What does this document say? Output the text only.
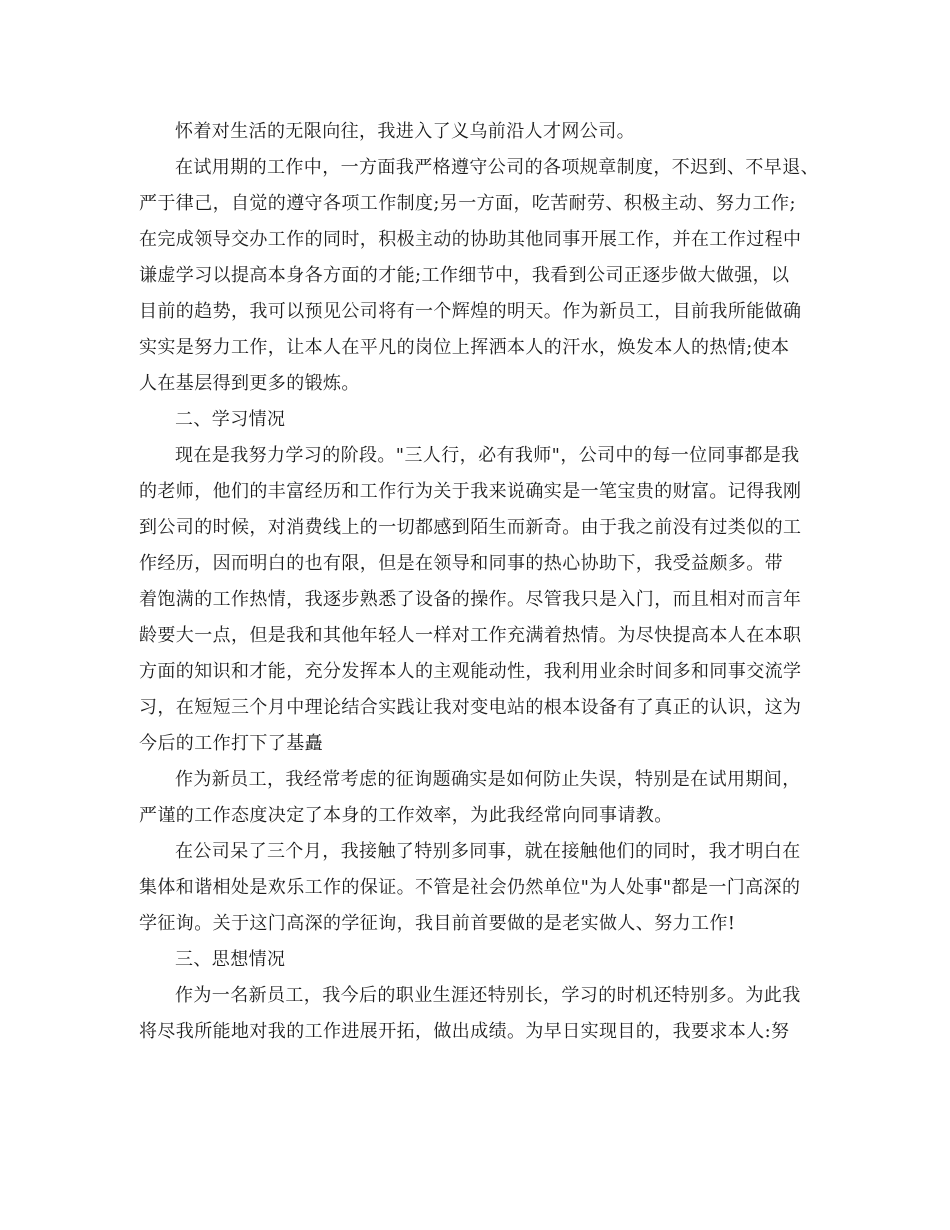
怀着对生活的无限向往，我进入了义乌前沿人才网公司。
在试用期的工作中，一方面我严格遵守公司的各项规章制度，不迟到、不早退、
严于律己，自觉的遵守各项工作制度;另一方面，吃苦耐劳、积极主动、努力工作;
在完成领导交办工作的同时，积极主动的协助其他同事开展工作，并在工作过程中
谦虚学习以提高本身各方面的才能;工作细节中，我看到公司正逐步做大做强，以
目前的趋势，我可以预见公司将有一个辉煌的明天。作为新员工，目前我所能做确
实实是努力工作，让本人在平凡的岗位上挥洒本人的汗水，焕发本人的热情;使本
人在基层得到更多的锻炼。
二、学习情况
现在是我努力学习的阶段。"三人行，必有我师"，公司中的每一位同事都是我
的老师，他们的丰富经历和工作行为关于我来说确实是一笔宝贵的财富。记得我刚
到公司的时候，对消费线上的一切都感到陌生而新奇。由于我之前没有过类似的工
作经历，因而明白的也有限，但是在领导和同事的热心协助下，我受益颇多。带
着饱满的工作热情，我逐步熟悉了设备的操作。尽管我只是入门，而且相对而言年
龄要大一点，但是我和其他年轻人一样对工作充满着热情。为尽快提高本人在本职
方面的知识和才能，充分发挥本人的主观能动性，我利用业余时间多和同事交流学
习，在短短三个月中理论结合实践让我对变电站的根本设备有了真正的认识，这为
今后的工作打下了基矗
作为新员工，我经常考虑的征询题确实是如何防止失误，特别是在试用期间，
严谨的工作态度决定了本身的工作效率，为此我经常向同事请教。
在公司呆了三个月，我接触了特别多同事，就在接触他们的同时，我才明白在
集体和谐相处是欢乐工作的保证。不管是社会仍然单位"为人处事"都是一门高深的
学征询。关于这门高深的学征询，我目前首要做的是老实做人、努力工作!
三、思想情况
作为一名新员工，我今后的职业生涯还特别长，学习的时机还特别多。为此我
将尽我所能地对我的工作进展开拓，做出成绩。为早日实现目的，我要求本人:努
